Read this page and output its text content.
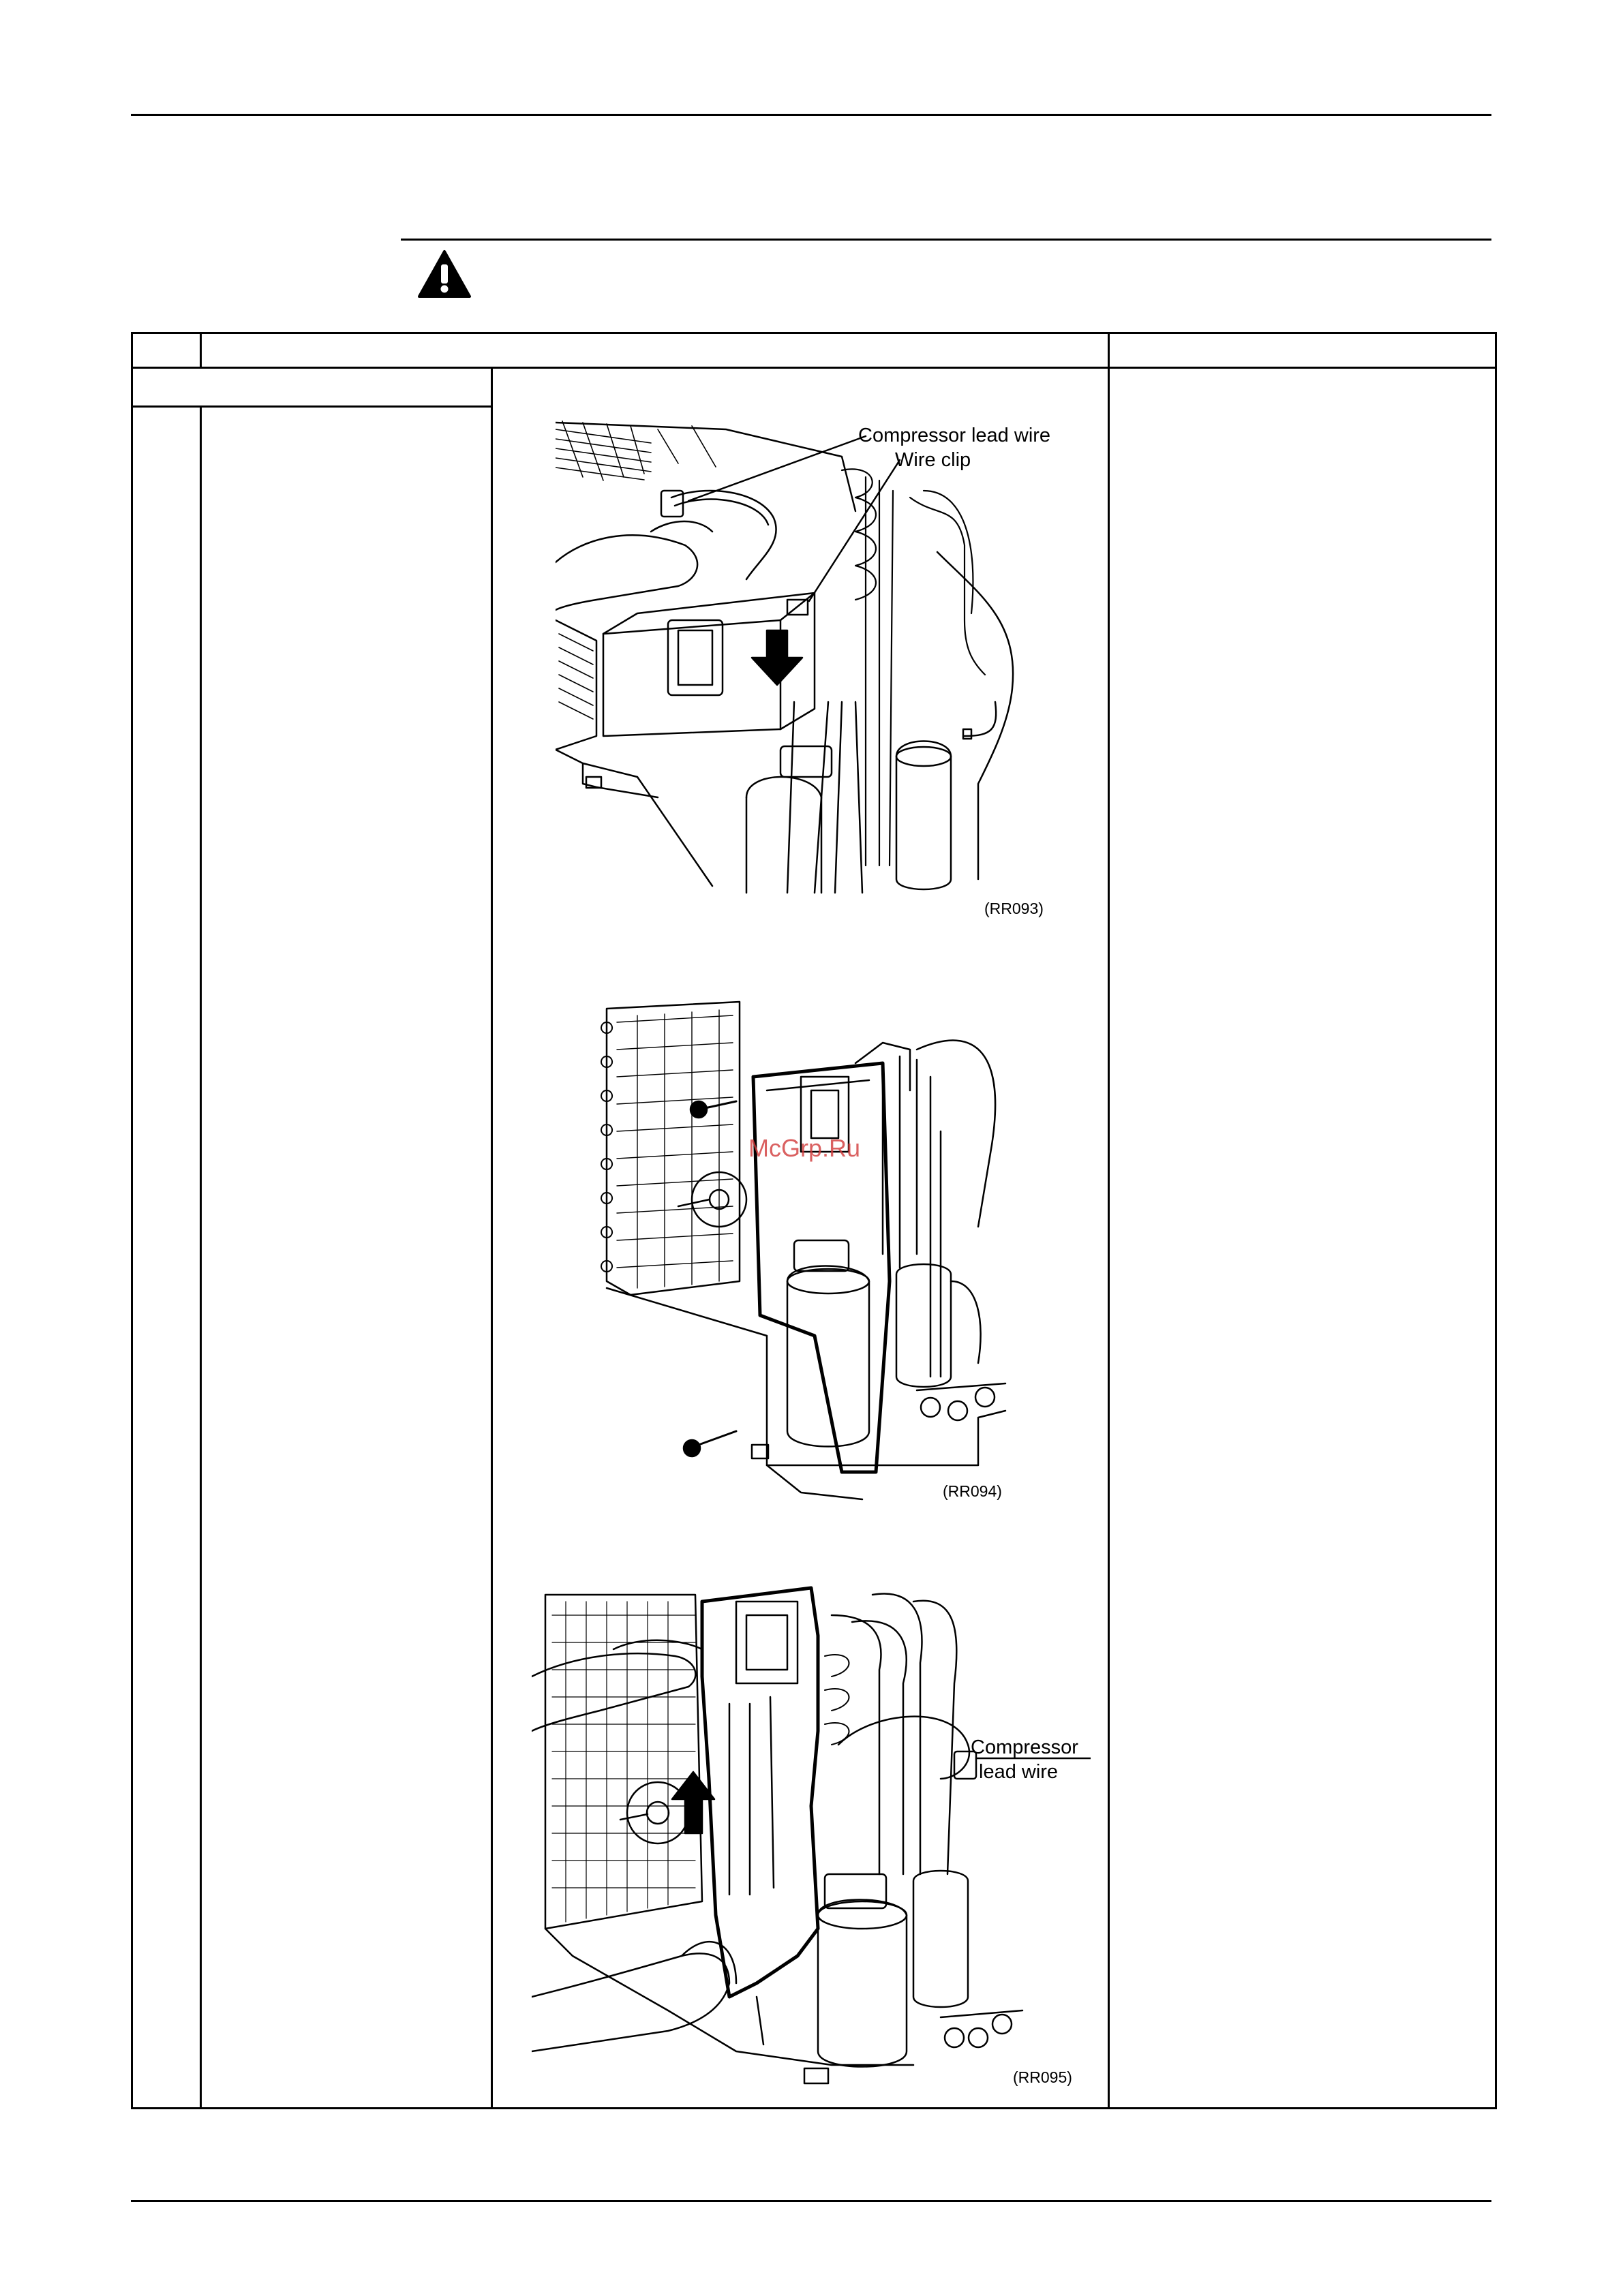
Compressor lead wire
Wire clip
(RR093)
McGrp.Ru
(RR094)
Compressor
lead wire
(RR095)
